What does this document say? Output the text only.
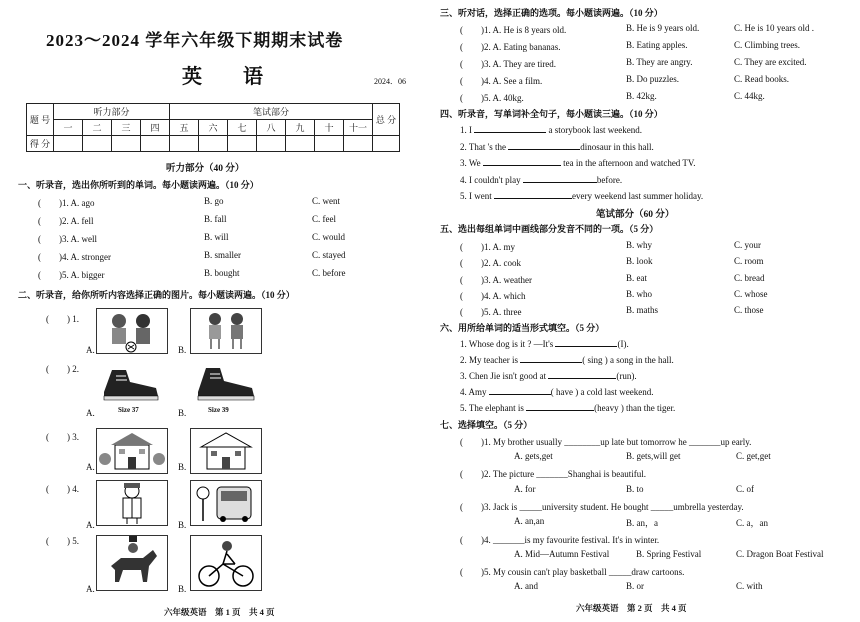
2023～2024 学年六年级下期期末试卷
英 语	2024．06
题 号	听力部分				笔试部分							总 分
	一	二	三	四	五	六	七	八	九	十	十一	
得 分												
听力部分（40 分）
一、听录音，选出你所听到的单词。每小题读两遍。（10 分）
(　　)1. A. ago	B. go	C. went
(　　)2. A. fell	B. fall	C. feel
(　　)3. A. well	B. will	C. would
(　　)4. A. stronger	B. smaller	C. stayed
(　　)5. A. bigger	B. bought	C. before
二、听录音，给你所听内容选择正确的图片。每小题读两遍。（10 分）
(　　) 1.
A.	B.
(　　) 2.
A.	Size 37	B.	Size 39
(　　) 3.
A.	B.
(　　) 4.
A.	B.
(　　) 5.
A.	B.
六年级英语　第 1 页　共 4 页
三、听对话，选择正确的选项。每小题读两遍。（10 分）
(　　)1. A. He is 8 years old.	B. He is 9 years old.	C. He is 10 years old .
(　　)2. A. Eating bananas.	B. Eating apples.	C. Climbing trees.
(　　)3. A. They are tired.	B. They are angry.	C. They are excited.
(　　)4. A. See a film.	B. Do puzzles.	C. Read books.
(　　)5. A. 40kg.	B. 42kg.	C. 44kg.
四、听录音，写单词补全句子，每小题读三遍。（10 分）
1. I	a storybook last weekend.
2. That 's the	dinosaur in this hall.
3. We	tea in the afternoon and watched TV.
4. I couldn't play	before.
5. I went	every weekend last summer holiday.
笔试部分（60 分）
五、选出每组单词中画线部分发音不同的一项。（5 分）
(　　)1. A. my	B. why	C. your
(　　)2. A. cook	B. look	C. room
(　　)3. A. weather	B. eat	C. bread
(　　)4. A. which	B. who	C. whose
(　　)5. A. three	B. maths	C. those
六、用所给单词的适当形式填空。（5 分）
1. Whose dog is it ? —It's	(I).
2. My teacher is	( sing ) a song in the hall.
3. Chen Jie isn't good at	(run).
4. Amy	( have ) a cold last weekend.
5. The elephant is	(heavy ) than the tiger.
七、选择填空。（5 分）
(　　)1. My brother usually ________up late but tomorrow he _______up early.
A. gets,get	B. gets,will get	C. get,get
(　　)2. The picture _______Shanghai is beautiful.
A. for	B. to	C. of
(　　)3. Jack is _____university student. He bought _____umbrella yesterday.
A. an,an	B. an，a	C. a，an
(　　)4. _______is my favourite festival. It's in winter.
A. Mid—Autumn Festival	B. Spring Festival	C. Dragon Boat Festival
(　　)5. My cousin can't play basketball _____draw cartoons.
A. and	B. or	C. with
六年级英语　第 2 页　共 4 页
